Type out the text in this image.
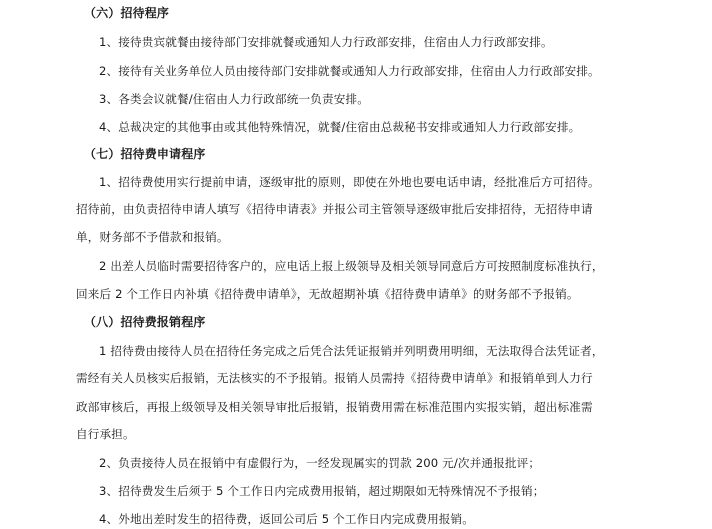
（六）招待程序
1、接待贵宾就餐由接待部门安排就餐或通知人力行政部安排，住宿由人力行政部安排。
2、接待有关业务单位人员由接待部门安排就餐或通知人力行政部安排，住宿由人力行政部安排。
3、各类会议就餐/住宿由人力行政部统一负责安排。
4、总裁决定的其他事由或其他特殊情况，就餐/住宿由总裁秘书安排或通知人力行政部安排。
（七）招待费申请程序
1、招待费使用实行提前申请，逐级审批的原则，即使在外地也要电话申请，经批准后方可招待。
招待前，由负责招待申请人填写《招待申请表》并报公司主管领导逐级审批后安排招待，无招待申请
单，财务部不予借款和报销。
2 出差人员临时需要招待客户的，应电话上报上级领导及相关领导同意后方可按照制度标准执行，
回来后 2 个工作日内补填《招待费申请单》，无故超期补填《招待费申请单》的财务部不予报销。
（八）招待费报销程序
1 招待费由接待人员在招待任务完成之后凭合法凭证报销并列明费用明细，无法取得合法凭证者，
需经有关人员核实后报销，无法核实的不予报销。报销人员需持《招待费申请单》和报销单到人力行
政部审核后，再报上级领导及相关领导审批后报销，报销费用需在标准范围内实报实销，超出标准需
自行承担。
2、负责接待人员在报销中有虚假行为，一经发现属实的罚款 200 元/次并通报批评；
3、招待费发生后须于 5 个工作日内完成费用报销，超过期限如无特殊情况不予报销；
4、外地出差时发生的招待费，返回公司后 5 个工作日内完成费用报销。
